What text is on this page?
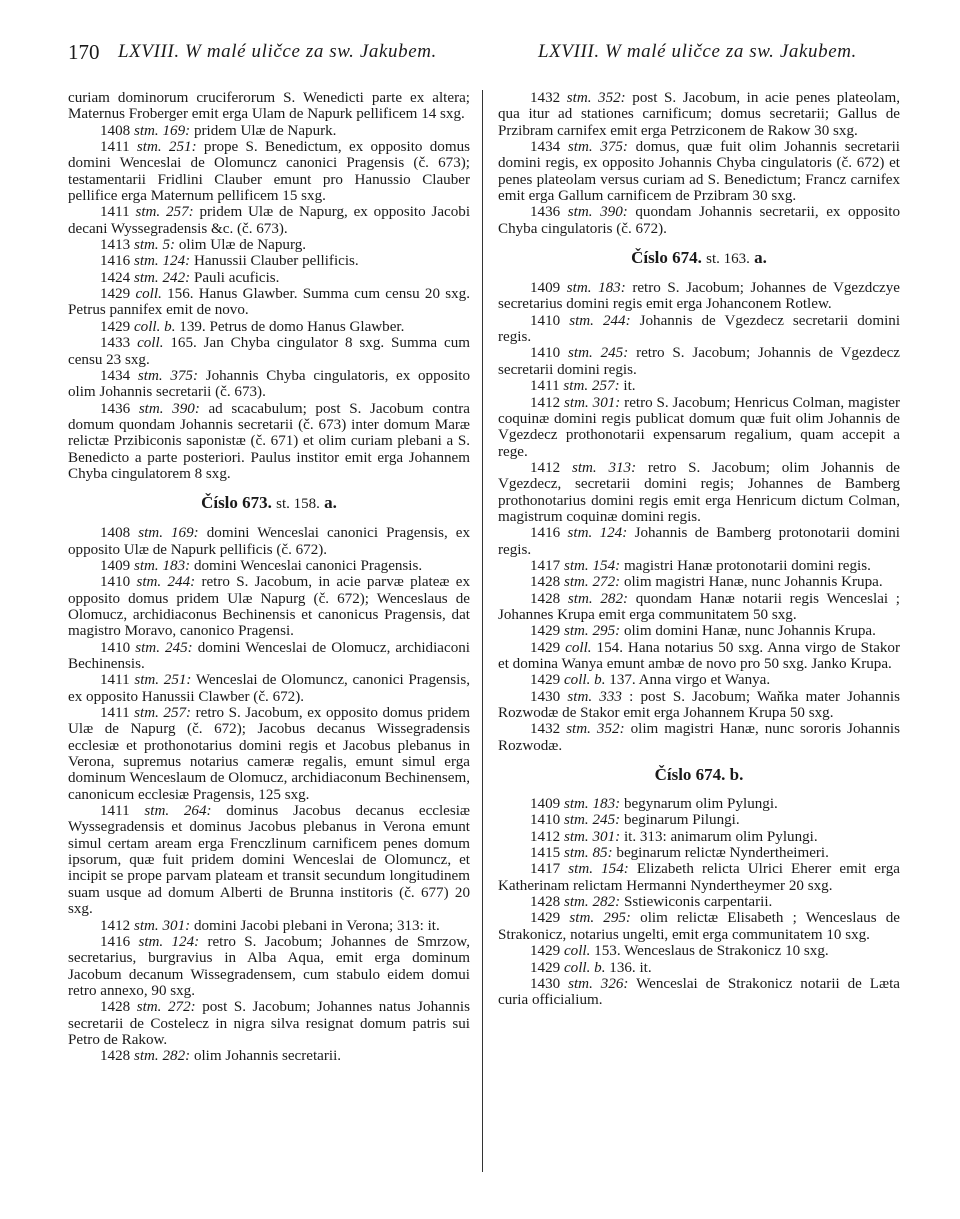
170 LXVIII. W malé uličce za sw. Jakubem.	LXVIII. W malé uličce za sw. Jakubem.

curiam dominorum cruciferorum S. Wenedicti parte ex altera; Maternus Froberger emit erga Ulam de Napurk pellificem 14 sxg.

1408 stm. 169: pridem Ulæ de Napurk.

1411 stm. 251: prope S. Benedictum, ex opposito domus domini Wenceslai de Olomuncz canonici Pragensis (č. 673); testamentarii Fridlini Clauber emunt pro Hanussio Clauber pellifice erga Maternum pellificem 15 sxg.

1411 stm. 257: pridem Ulæ de Napurg, ex opposito Jacobi decani Wyssegradensis &c. (č. 673).

1413 stm. 5: olim Ulæ de Napurg.

1416 stm. 124: Hanussii Clauber pellificis.

1424 stm. 242: Pauli acuficis.

1429 coll. 156. Hanus Glawber. Summa cum censu 20 sxg. Petrus pannifex emit de novo.

1429 coll. b. 139. Petrus de domo Hanus Glawber.

1433 coll. 165. Jan Chyba cingulator 8 sxg. Summa cum censu 23 sxg.

1434 stm. 375: Johannis Chyba cingulatoris, ex opposito olim Johannis secretarii (č. 673).

1436 stm. 390: ad scacabulum; post S. Jacobum contra domum quondam Johannis secretarii (č. 673) inter domum Maræ relictæ Przibiconis saponistæ (č. 671) et olim curiam plebani a S. Benedicto a parte posteriori. Paulus institor emit erga Johannem Chyba cingulatorem 8 sxg.

Číslo 673. st. 158. a.

1408 stm. 169: domini Wenceslai canonici Pragensis, ex opposito Ulæ de Napurk pellificis (č. 672).

1409 stm. 183: domini Wenceslai canonici Pragensis.

1410 stm. 244: retro S. Jacobum, in acie parvæ plateæ ex opposito domus pridem Ulæ Napurg (č. 672); Wenceslaus de Olomucz, archidiaconus Bechinensis et canonicus Pragensis, dat magistro Moravo, canonico Pragensi.

1410 stm. 245: domini Wenceslai de Olomucz, archidiaconi Bechinensis.

1411 stm. 251: Wenceslai de Olomuncz, canonici Pragensis, ex opposito Hanussii Clawber (č. 672).

1411 stm. 257: retro S. Jacobum, ex opposito domus pridem Ulæ de Napurg (č. 672); Jacobus decanus Wissegradensis ecclesiæ et prothonotarius domini regis et Jacobus plebanus in Verona, supremus notarius cameræ regalis, emunt simul erga dominum Wenceslaum de Olomucz, archidiaconum Bechinensem, canonicum ecclesiæ Pragensis, 125 sxg.

1411 stm. 264: dominus Jacobus decanus ecclesiæ Wyssegradensis et dominus Jacobus plebanus in Verona emunt simul certam aream erga Frenczlinum carnificem penes domum ipsorum, quæ fuit pridem domini Wenceslai de Olomuncz, et incipit se prope parvam plateam et transit secundum longitudinem suam usque ad domum Alberti de Brunna institoris (č. 677) 20 sxg.

1412 stm. 301: domini Jacobi plebani in Verona; 313: it.

1416 stm. 124: retro S. Jacobum; Johannes de Smrzow, secretarius, burgravius in Alba Aqua, emit erga dominum Jacobum decanum Wissegradensem, cum stabulo eidem domui retro annexo, 90 sxg.

1428 stm. 272: post S. Jacobum; Johannes natus Johannis secretarii de Costelecz in nigra silva resignat domum patris sui Petro de Rakow.

1428 stm. 282: olim Johannis secretarii.

1432 stm. 352: post S. Jacobum, in acie penes plateolam, qua itur ad stationes carnificum; domus secretarii; Gallus de Przibram carnifex emit erga Petrziconem de Rakow 30 sxg.

1434 stm. 375: domus, quæ fuit olim Johannis secretarii domini regis, ex opposito Johannis Chyba cingulatoris (č. 672) et penes plateolam versus curiam ad S. Benedictum; Francz carnifex emit erga Gallum carnificem de Przibram 30 sxg.

1436 stm. 390: quondam Johannis secretarii, ex opposito Chyba cingulatoris (č. 672).

Číslo 674. st. 163. a.

1409 stm. 183: retro S. Jacobum; Johannes de Vgezdczye secretarius domini regis emit erga Johanconem Rotlew.

1410 stm. 244: Johannis de Vgezdecz secretarii domini regis.

1410 stm. 245: retro S. Jacobum; Johannis de Vgezdecz secretarii domini regis.

1411 stm. 257: it.

1412 stm. 301: retro S. Jacobum; Henricus Colman, magister coquinæ domini regis publicat domum quæ fuit olim Johannis de Vgezdecz prothonotarii expensarum regalium, quam accepit a rege.

1412 stm. 313: retro S. Jacobum; olim Johannis de Vgezdecz, secretarii domini regis; Johannes de Bamberg prothonotarius domini regis emit erga Henricum dictum Colman, magistrum coquinæ domini regis.

1416 stm. 124: Johannis de Bamberg protonotarii domini regis.

1417 stm. 154: magistri Hanæ protonotarii domini regis.

1428 stm. 272: olim magistri Hanæ, nunc Johannis Krupa.

1428 stm. 282: quondam Hanæ notarii regis Wenceslai ; Johannes Krupa emit erga communitatem 50 sxg.

1429 stm. 295: olim domini Hanæ, nunc Johannis Krupa.

1429 coll. 154. Hana notarius 50 sxg. Anna virgo de Stakor et domina Wanya emunt ambæ de novo pro 50 sxg. Janko Krupa.

1429 coll. b. 137. Anna virgo et Wanya.

1430 stm. 333 : post S. Jacobum; Waňka mater Johannis Rozwodæ de Stakor emit erga Johannem Krupa 50 sxg.

1432 stm. 352: olim magistri Hanæ, nunc sororis Johannis Rozwodæ.

Číslo 674. b.

1409 stm. 183: begynarum olim Pylungi.

1410 stm. 245: beginarum Pilungi.

1412 stm. 301: it. 313: animarum olim Pylungi.

1415 stm. 85: beginarum relictæ Nyndertheimeri.

1417 stm. 154: Elizabeth relicta Ulrici Eherer emit erga Katherinam relictam Hermanni Nyndertheymer 20 sxg.

1428 stm. 282: Sstiewiconis carpentarii.

1429 stm. 295: olim relictæ Elisabeth ; Wenceslaus de Strakonicz, notarius ungelti, emit erga communitatem 10 sxg.

1429 coll. 153. Wenceslaus de Strakonicz 10 sxg.

1429 coll. b. 136. it.

1430 stm. 326: Wenceslai de Strakonicz notarii de Læta curia officialium.
